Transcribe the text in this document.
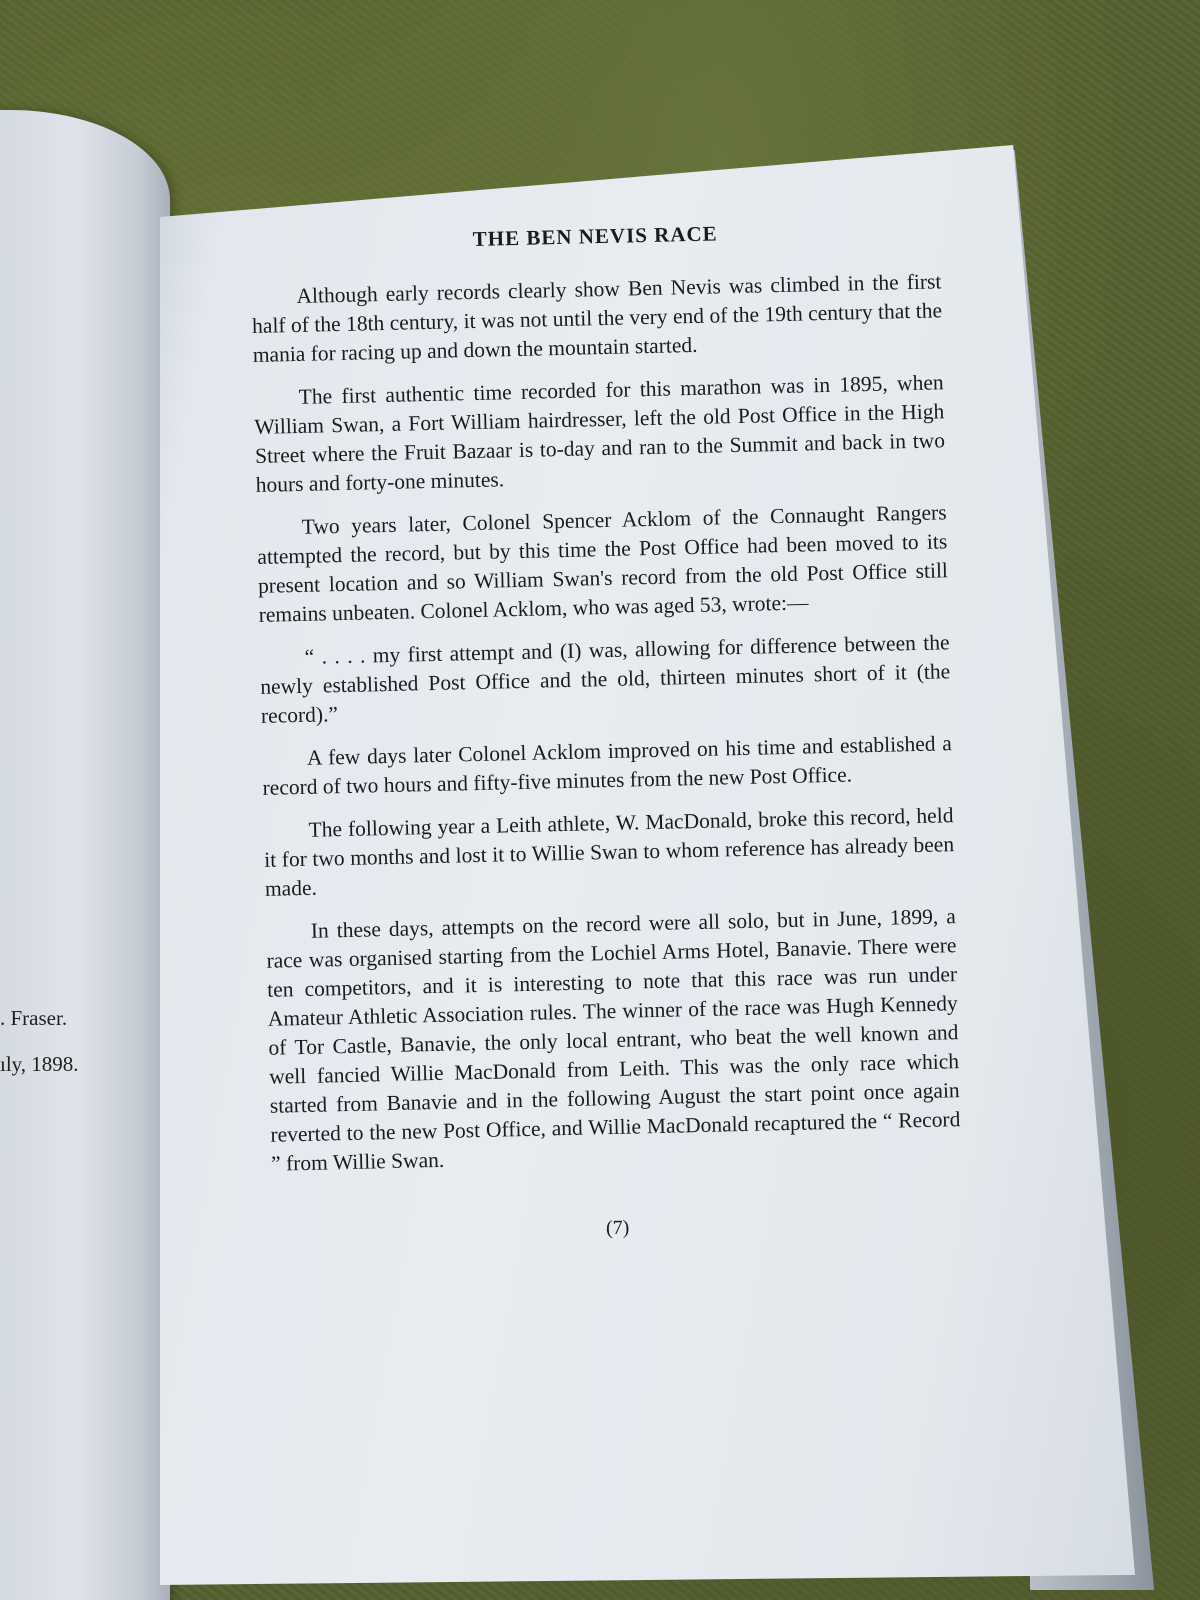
. Fraser.
ıly, 1898.
THE BEN NEVIS RACE

Although early records clearly show Ben Nevis was climbed in the first half of the 18th century, it was not until the very end of the 19th century that the mania for racing up and down the mountain started.

The first authentic time recorded for this marathon was in 1895, when William Swan, a Fort William hairdresser, left the old Post Office in the High Street where the Fruit Bazaar is to-day and ran to the Summit and back in two hours and forty-one minutes.

Two years later, Colonel Spencer Acklom of the Connaught Rangers attempted the record, but by this time the Post Office had been moved to its present location and so William Swan's record from the old Post Office still remains unbeaten. Colonel Acklom, who was aged 53, wrote:—

“ . . . . my first attempt and (I) was, allowing for difference between the newly established Post Office and the old, thirteen minutes short of it (the record).”

A few days later Colonel Acklom improved on his time and established a record of two hours and fifty-five minutes from the new Post Office.

The following year a Leith athlete, W. MacDonald, broke this record, held it for two months and lost it to Willie Swan to whom reference has already been made.

In these days, attempts on the record were all solo, but in June, 1899, a race was organised starting from the Lochiel Arms Hotel, Banavie. There were ten competitors, and it is interesting to note that this race was run under Amateur Athletic Association rules. The winner of the race was Hugh Kennedy of Tor Castle, Banavie, the only local entrant, who beat the well known and well fancied Willie MacDonald from Leith. This was the only race which started from Banavie and in the following August the start point once again reverted to the new Post Office, and Willie MacDonald recaptured the “ Record ” from Willie Swan.

(7)
